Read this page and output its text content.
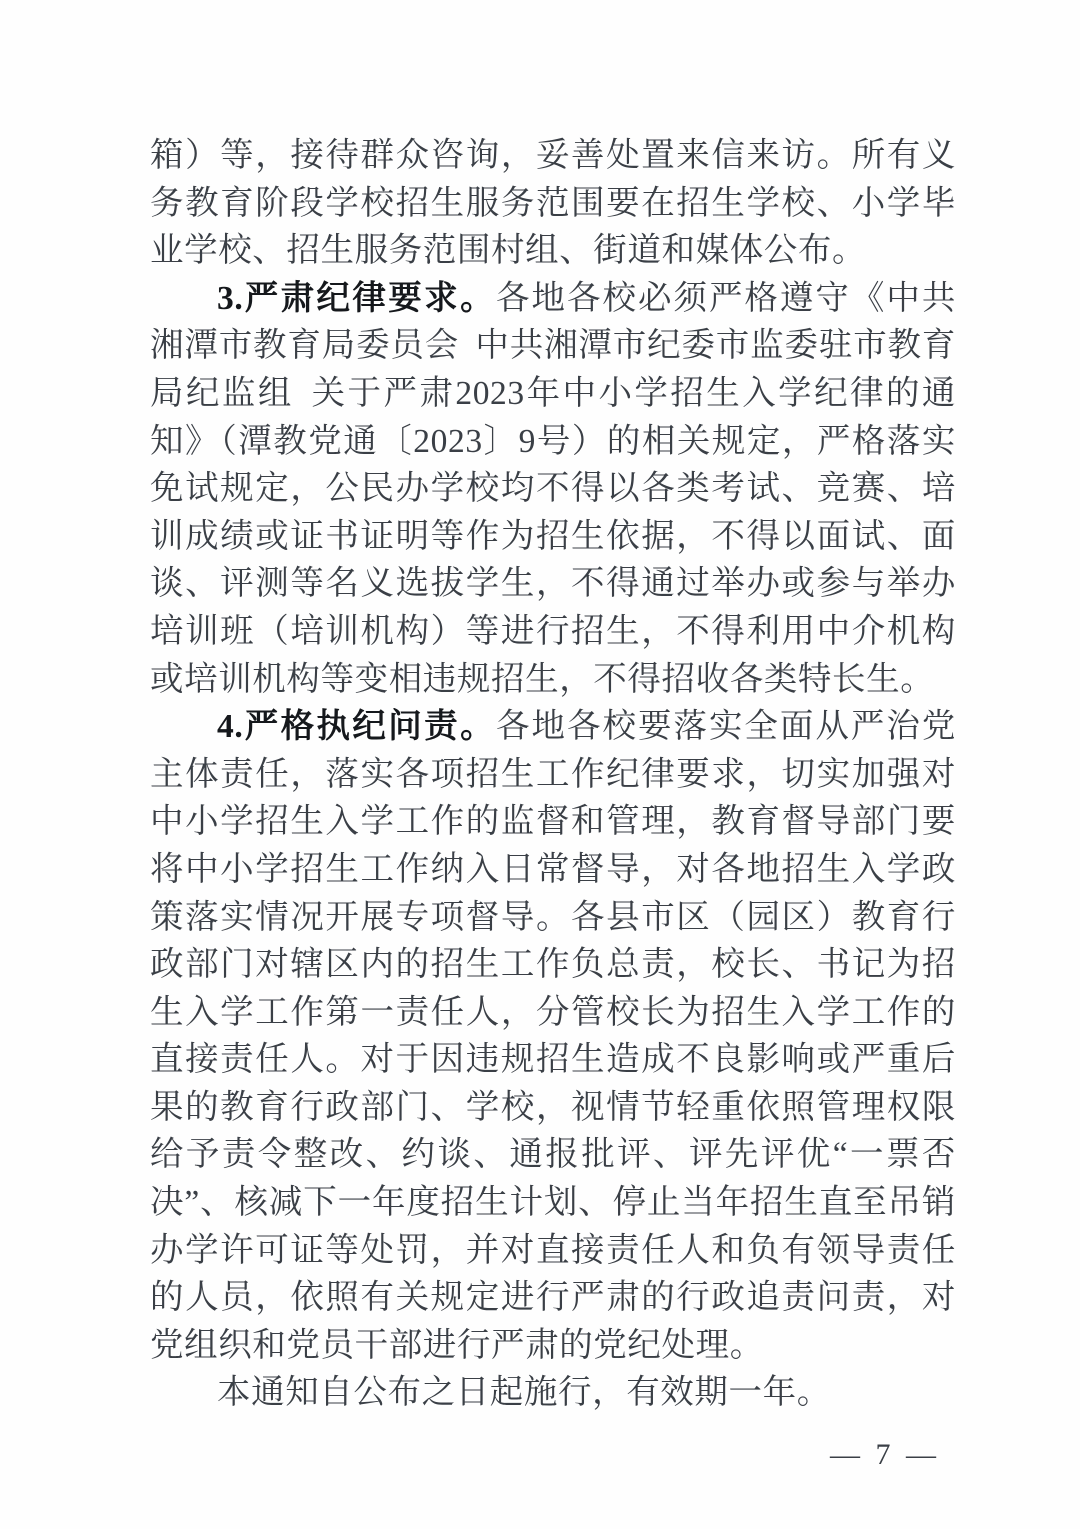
箱）等，接待群众咨询，妥善处置来信来访。所有义务教育阶段学校招生服务范围要在招生学校、小学毕业学校、招生服务范围村组、街道和媒体公布。

3.严肃纪律要求。各地各校必须严格遵守《中共湘潭市教育局委员会 中共湘潭市纪委市监委驻市教育局纪监组 关于严肃2023年中小学招生入学纪律的通知》（潭教党通〔2023〕9号）的相关规定，严格落实免试规定，公民办学校均不得以各类考试、竞赛、培训成绩或证书证明等作为招生依据，不得以面试、面谈、评测等名义选拔学生，不得通过举办或参与举办培训班（培训机构）等进行招生，不得利用中介机构或培训机构等变相违规招生，不得招收各类特长生。

4.严格执纪问责。各地各校要落实全面从严治党主体责任，落实各项招生工作纪律要求，切实加强对中小学招生入学工作的监督和管理，教育督导部门要将中小学招生工作纳入日常督导，对各地招生入学政策落实情况开展专项督导。各县市区（园区）教育行政部门对辖区内的招生工作负总责，校长、书记为招生入学工作第一责任人，分管校长为招生入学工作的直接责任人。对于因违规招生造成不良影响或严重后果的教育行政部门、学校，视情节轻重依照管理权限给予责令整改、约谈、通报批评、评先评优“一票否决”、核减下一年度招生计划、停止当年招生直至吊销办学许可证等处罚，并对直接责任人和负有领导责任的人员，依照有关规定进行严肃的行政追责问责，对党组织和党员干部进行严肃的党纪处理。

本通知自公布之日起施行，有效期一年。

— 7 —
